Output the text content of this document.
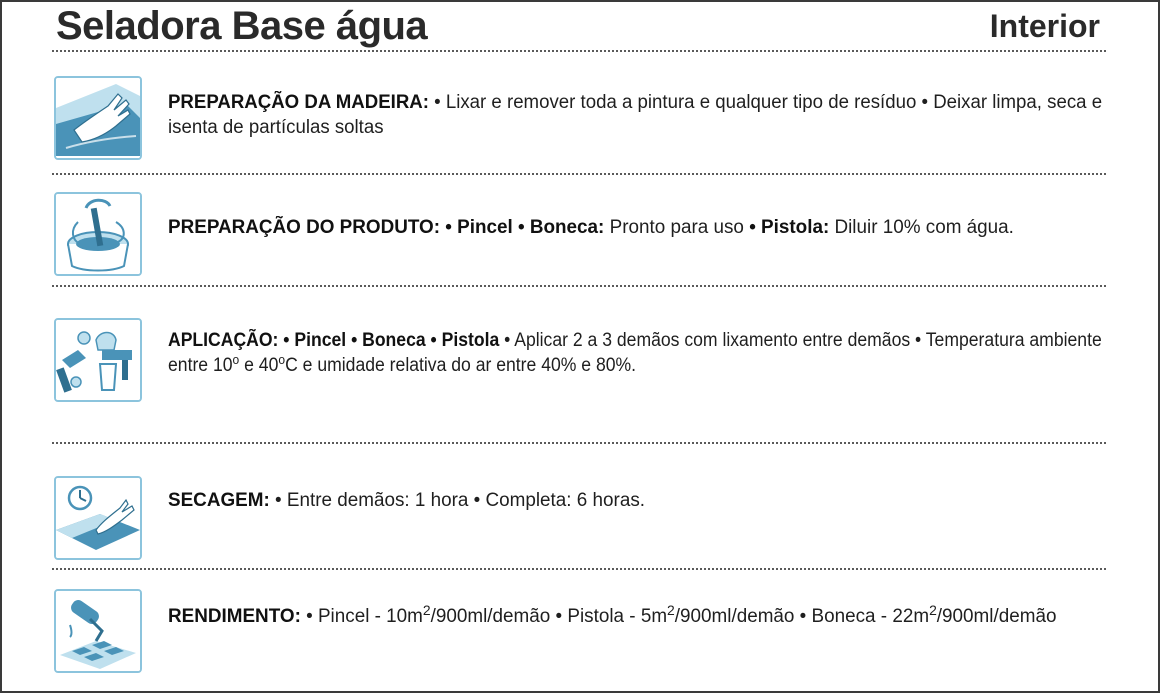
Seladora Base água	Interior
PREPARAÇÃO DA MADEIRA: • Lixar e remover toda a pintura e qualquer tipo de resíduo • Deixar limpa, seca e
isenta de partículas soltas
PREPARAÇÃO DO PRODUTO: • Pincel • Boneca: Pronto para uso • Pistola: Diluir 10% com água.
APLICAÇÃO: • Pincel • Boneca • Pistola • Aplicar 2 a 3 demãos com lixamento entre demãos • Temperatura ambiente
entre 10$^o$ e 40$^o$C e umidade relativa do ar entre 40% e 80%.
SECAGEM: • Entre demãos: 1 hora • Completa: 6 horas.
RENDIMENTO: • Pincel - $10m^2/900ml$/demão • Pistola - $5m^2/900ml$/demão • Boneca - $22m^2/900ml$/demão
